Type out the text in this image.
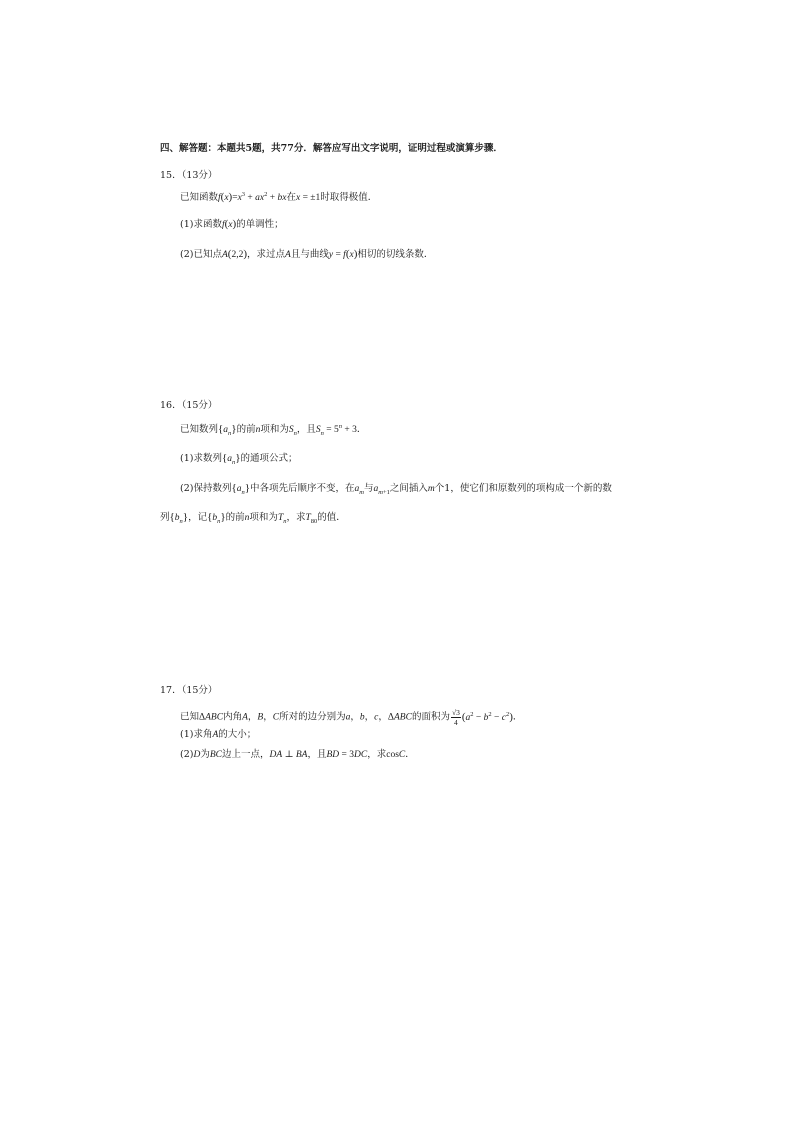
四、解答题：本题共5题，共77分．解答应写出文字说明，证明过程或演算步骤．
15．（13分）
已知函数$f(x)=x^3 + ax^2$ + bx在x = ±1时取得极值．
(1)求函数f(x)的单调性；
(2)已知点A(2,2)，求过点A且与曲线y = f(x)相切的切线条数．
16．（15分）
已知数列$\{a_n\}$的前n项和为$S_n$，且$S_n = 5^n + 3$．
(1)求数列$\{a_n\}$的通项公式；
(2)保持数列$\{a_n\}$中各项先后顺序不变，在$a_m$与$a_{m+1}$之间插入m个1，使它们和原数列的项构成一个新的数
列$\{b_n\}$，记$\{b_n\}$的前n项和为$T_n$，求$T_{80}$的值．
17．（15分）
已知ΔABC内角A，B，C所对的边分别为a，b，c，ΔABC的面积为 $\frac{√3}{4} (a^2 - b^2 - c^2)$．
(1)求角A的大小；
(2)D为BC边上一点，DA ⊥ BA，且BD = 3DC，求cosC．
